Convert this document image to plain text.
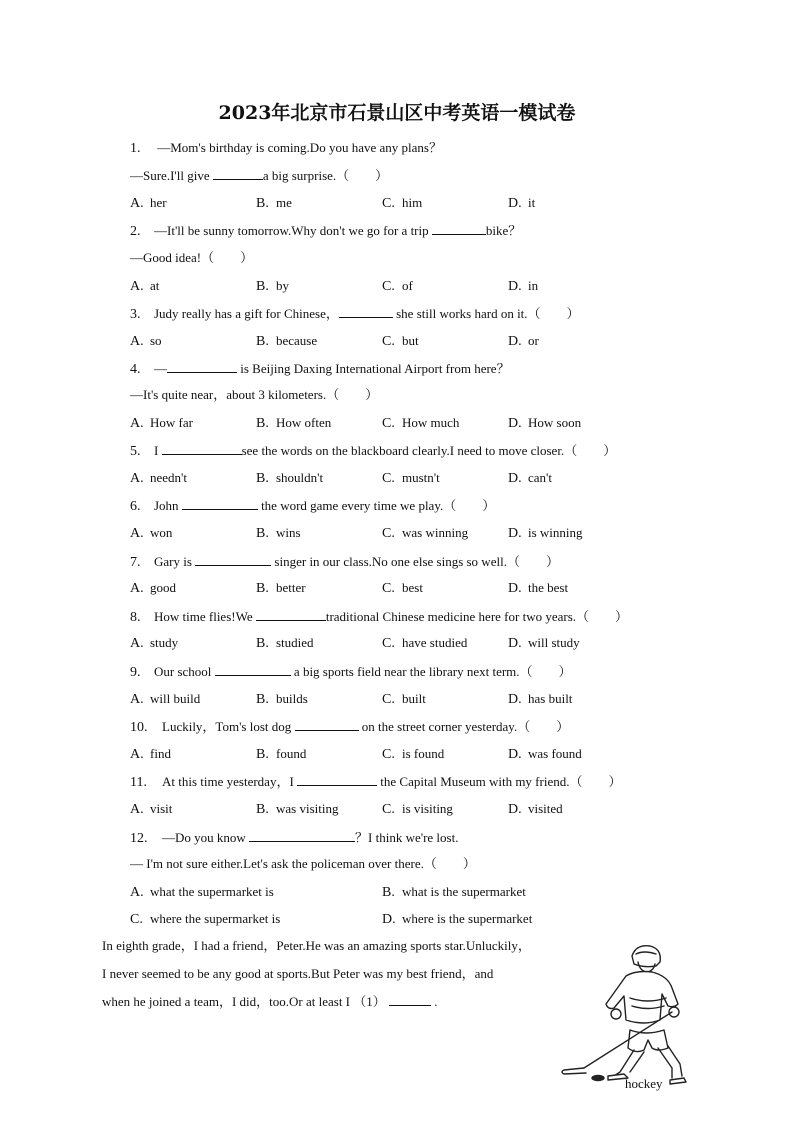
2023年北京市石景山区中考英语一模试卷
1. —Mom's birthday is coming.Do you have any plans？
—Sure.I'll give	a big surprise.（　　）
A. her	B. me	C. him	D. it
2. —It'll be sunny tomorrow.Why don't we go for a trip	bike？
—Good idea!（　　）
A. at	B. by	C. of	D. in
3. Judy really has a gift for Chinese，	she still works hard on it.（　　）
A. so	B. because	C. but	D. or
4. —	is Beijing Daxing International Airport from here？
—It's quite near，about 3 kilometers.（　　）
A. How far	B. How often	C. How much	D. How soon
5. I	see the words on the blackboard clearly.I need to move closer.（　　）
A. needn't	B. shouldn't	C. mustn't	D. can't
6. John	the word game every time we play.（　　）
A. won	B. wins	C. was winning	D. is winning
7. Gary is	singer in our class.No one else sings so well.（　　）
A. good	B. better	C. best	D. the best
8. How time flies!We	traditional Chinese medicine here for two years.（　　）
A. study	B. studied	C. have studied	D. will study
9. Our school	a big sports field near the library next term.（　　）
A. will build	B. builds	C. built	D. has built
10. Luckily，Tom's lost dog	on the street corner yesterday.（　　）
A. find	B. found	C. is found	D. was found
11. At this time yesterday，I	the Capital Museum with my friend.（　　）
A. visit	B. was visiting	C. is visiting	D. visited
12. —Do you know	？I think we're lost.
— I'm not sure either.Let's ask the policeman over there.（　　）
A. what the supermarket is	B. what is the supermarket
C. where the supermarket is	D. where is the supermarket
In eighth grade，I had a friend，Peter.He was an amazing sports star.Unluckily，
I never seemed to be any good at sports.But Peter was my best friend，and
when he joined a team，I did，too.Or at least I （1）	.
hockey
